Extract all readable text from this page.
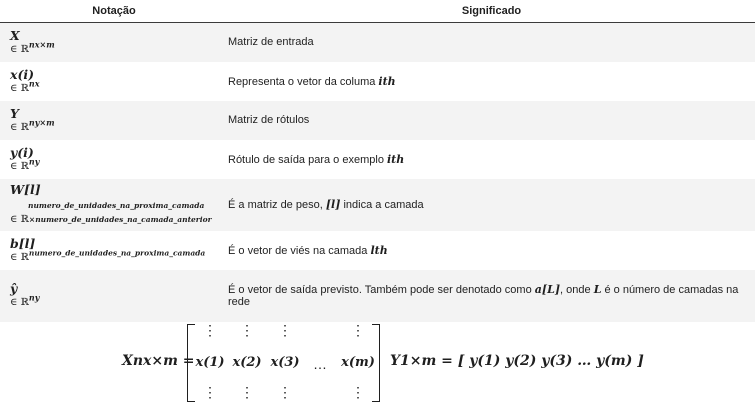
Notação	Significado

X
∈ ℝ$^{nx\times m}$	Matriz de entrada

x(i)
∈ ℝ$^{nx}$	Representa o vetor da columa ith

Y
∈ ℝ$^{ny\times m}$	Matriz de rótulos

y(i)
∈ ℝ$^{ny}$	Rótulo de saída para o exemplo ith

W[l]
numero_de_unidades_na_proxima_camada
∈ ℝ×numero_de_unidades_na_camada_anterior	É a matriz de peso, [l] indica a camada

b[l]
∈ ℝ$^{numero\_de\_unidades\_na\_proxima\_camada}$	É o vetor de viés na camada lth

ŷ
∈ ℝ$^{ny}$	É o vetor de saída previsto. Também pode ser denotado como a[L], onde L é o número de camadas na rede
Xnx×m =
⋮
x(1)
⋮
⋮
x(2)
⋮
⋮
x(3)
⋮
…
⋮
x(m)
⋮
Y1×m = [ y(1) y(2) y(3) … y(m) ]
